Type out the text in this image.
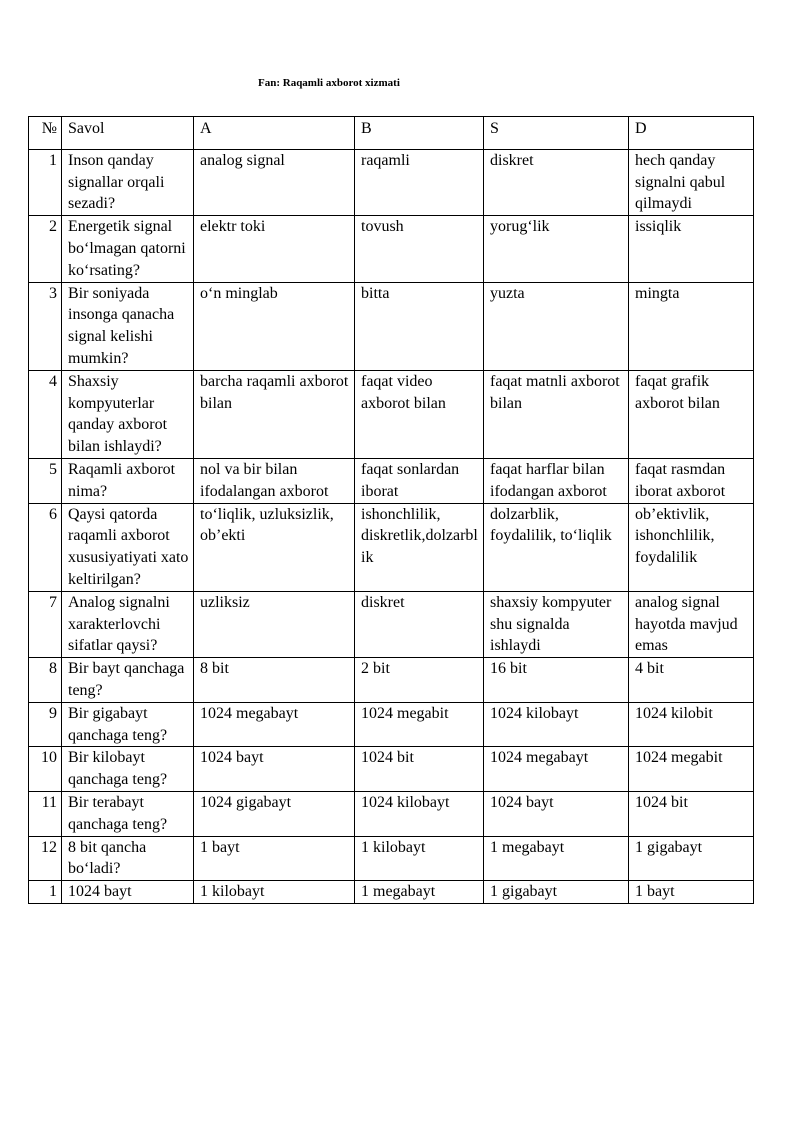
Fan: Raqamli axborot xizmati
№	Savol	A	B	S	D
1	Inson qanday signallar orqali sezadi?	analog signal	raqamli	diskret	hech qanday signalni qabul qilmaydi
2	Energetik signal bo‘lmagan qatorni ko‘rsating?	elektr toki	tovush	yorug‘lik	issiqlik
3	Bir soniyada insonga qanacha signal kelishi mumkin?	o‘n minglab	bitta	yuzta	mingta
4	Shaxsiy kompyuterlar qanday axborot bilan ishlaydi?	barcha raqamli axborot bilan	faqat video axborot bilan	faqat matnli axborot bilan	faqat grafik axborot bilan
5	Raqamli axborot nima?	nol va bir bilan ifodalangan axborot	faqat sonlardan iborat	faqat harflar bilan ifodangan axborot	faqat rasmdan iborat axborot
6	Qaysi qatorda raqamli axborot xususiyatiyati xato keltirilgan?	to‘liqlik, uzluksizlik, ob’ekti	ishonchlilik, diskretlik,dolzarblik	dolzarblik, foydalilik, to‘liqlik	ob’ektivlik, ishonchlilik, foydalilik
7	Analog signalni xarakterlovchi sifatlar qaysi?	uzliksiz	diskret	shaxsiy kompyuter shu signalda ishlaydi	analog signal hayotda mavjud emas
8	Bir bayt qanchaga teng?	8 bit	2 bit	16 bit	4 bit
9	Bir gigabayt qanchaga teng?	1024 megabayt	1024 megabit	1024 kilobayt	1024 kilobit
10	Bir kilobayt qanchaga teng?	1024 bayt	1024 bit	1024 megabayt	1024 megabit
11	Bir terabayt qanchaga teng?	1024 gigabayt	1024 kilobayt	1024 bayt	1024 bit
12	8 bit qancha bo‘ladi?	1 bayt	1 kilobayt	1 megabayt	1 gigabayt
1	1024 bayt	1 kilobayt	1 megabayt	1 gigabayt	1 bayt
